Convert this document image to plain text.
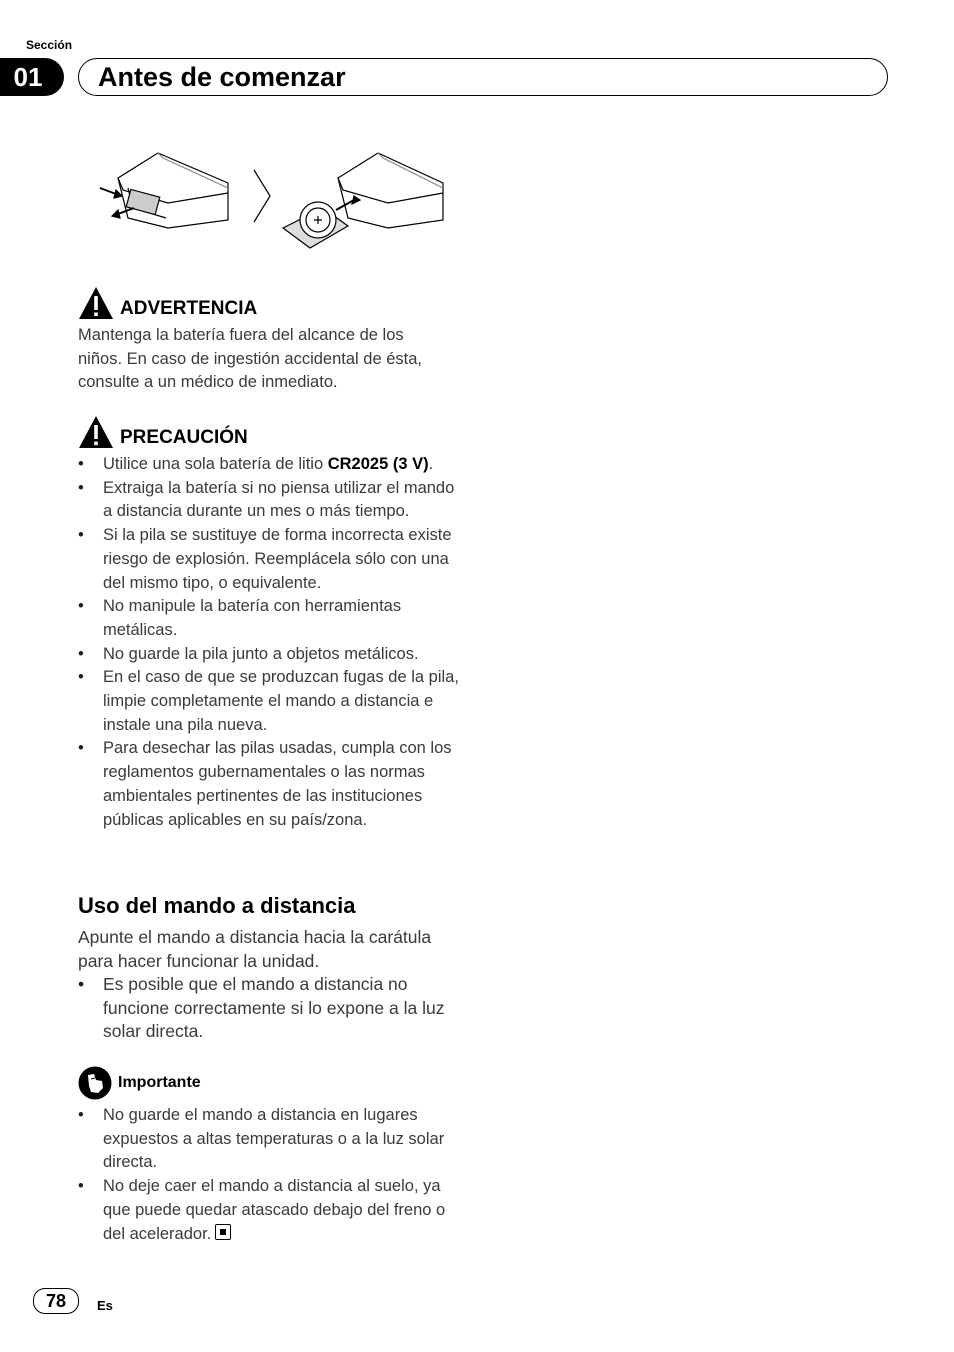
Sección
01	Antes de comenzar
ADVERTENCIA
Mantenga la batería fuera del alcance de los niños. En caso de ingestión accidental de ésta, consulte a un médico de inmediato.
PRECAUCIÓN
• Utilice una sola batería de litio CR2025 (3 V).
• Extraiga la batería si no piensa utilizar el mando a distancia durante un mes o más tiempo.
• Si la pila se sustituye de forma incorrecta existe riesgo de explosión. Reemplácela sólo con una del mismo tipo, o equivalente.
• No manipule la batería con herramientas metálicas.
• No guarde la pila junto a objetos metálicos.
• En el caso de que se produzcan fugas de la pila, limpie completamente el mando a distancia e instale una pila nueva.
• Para desechar las pilas usadas, cumpla con los reglamentos gubernamentales o las normas ambientales pertinentes de las instituciones públicas aplicables en su país/zona.
Uso del mando a distancia
Apunte el mando a distancia hacia la carátula para hacer funcionar la unidad.
• Es posible que el mando a distancia no funcione correctamente si lo expone a la luz solar directa.
Importante
• No guarde el mando a distancia en lugares expuestos a altas temperaturas o a la luz solar directa.
• No deje caer el mando a distancia al suelo, ya que puede quedar atascado debajo del freno o del acelerador.
78	Es
